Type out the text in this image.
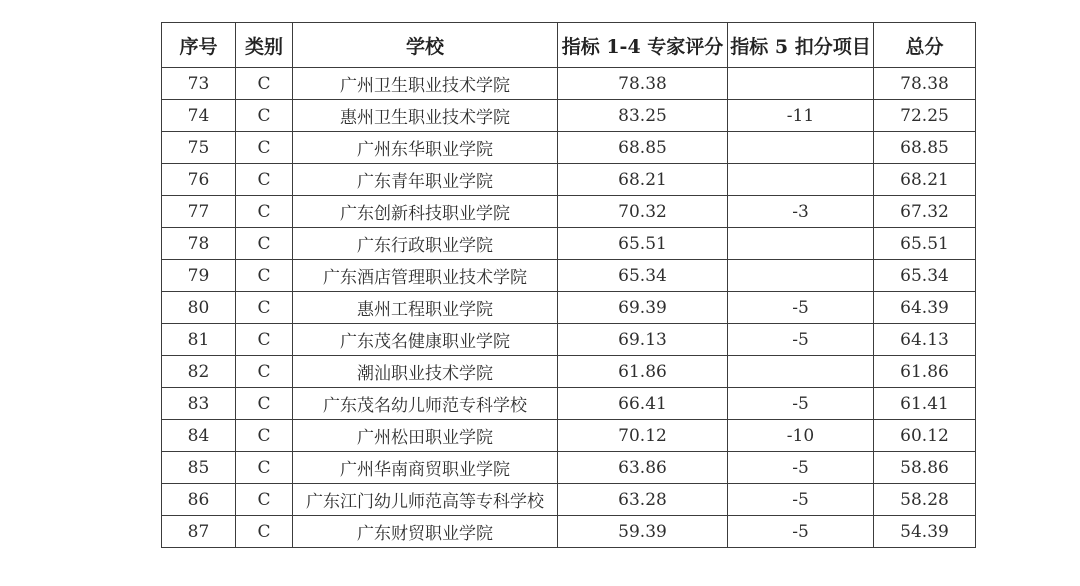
序号	类别	学校	指标 1-4 专家评分	指标 5 扣分项目	总分
73	C	广州卫生职业技术学院	78.38		78.38
74	C	惠州卫生职业技术学院	83.25	-11	72.25
75	C	广州东华职业学院	68.85		68.85
76	C	广东青年职业学院	68.21		68.21
77	C	广东创新科技职业学院	70.32	-3	67.32
78	C	广东行政职业学院	65.51		65.51
79	C	广东酒店管理职业技术学院	65.34		65.34
80	C	惠州工程职业学院	69.39	-5	64.39
81	C	广东茂名健康职业学院	69.13	-5	64.13
82	C	潮汕职业技术学院	61.86		61.86
83	C	广东茂名幼儿师范专科学校	66.41	-5	61.41
84	C	广州松田职业学院	70.12	-10	60.12
85	C	广州华南商贸职业学院	63.86	-5	58.86
86	C	广东江门幼儿师范高等专科学校	63.28	-5	58.28
87	C	广东财贸职业学院	59.39	-5	54.39
